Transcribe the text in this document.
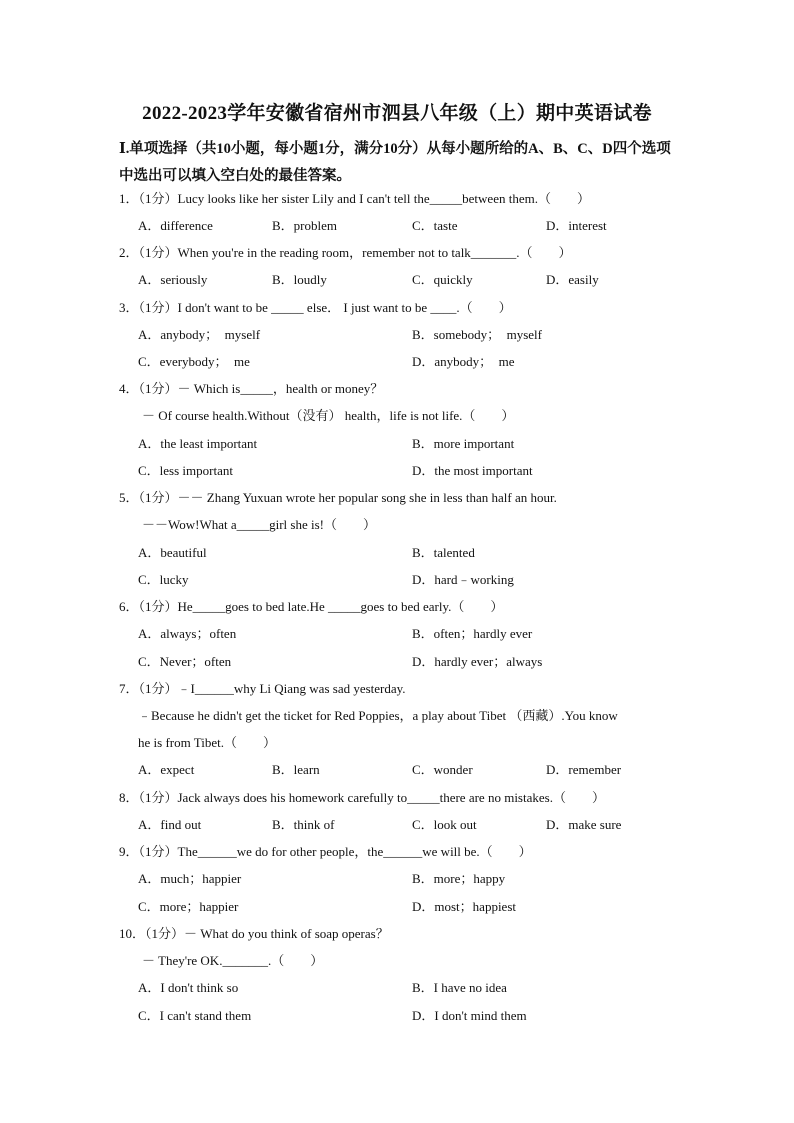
2022-2023学年安徽省宿州市泗县八年级（上）期中英语试卷
Ⅰ.单项选择（共10小题，每小题1分，满分10分）从每小题所给的A、B、C、D四个选项中选出可以填入空白处的最佳答案。
1．（1分）Lucy looks like her sister Lily and I can't tell the_____between them.（　　）
A．difference	B．problem	C．taste	D．interest
2．（1分）When you're in the reading room，remember not to talk_______.（　　）
A．seriously	B．loudly	C．quickly	D．easily
3．（1分）I don't want to be _____ else． I just want to be ____.（　　）
A．anybody；　myself	B．somebody；　myself
C．everybody；　me	D．anybody；　me
4．（1分）－ Which is_____，health or money？
－ Of course health.Without（没有） health，life is not life.（　　）
A．the least important	B．more important
C．less important	D．the most important
5．（1分）－－ Zhang Yuxuan wrote her popular song she in less than half an hour.
－－Wow!What a_____girl she is!（　　）
A．beautiful	B．talented
C．lucky	D．hard﹣working
6．（1分）He_____goes to bed late.He _____goes to bed early.（　　）
A．always；often	B．often；hardly ever
C．Never；often	D．hardly ever；always
7．（1分）﹣I______why Li Qiang was sad yesterday.
﹣Because he didn't get the ticket for Red Poppies，a play about Tibet （西藏）.You know
he is from Tibet.（　　）
A．expect	B．learn	C．wonder	D．remember
8．（1分）Jack always does his homework carefully to_____there are no mistakes.（　　）
A．find out	B．think of	C．look out	D．make sure
9．（1分）The______we do for other people，the______we will be.（　　）
A．much；happier	B．more；happy
C．more；happier	D．most；happiest
10．（1分）－ What do you think of soap operas？
－ They're OK._______.（　　）
A．I don't think so	B．I have no idea
C．I can't stand them	D．I don't mind them
